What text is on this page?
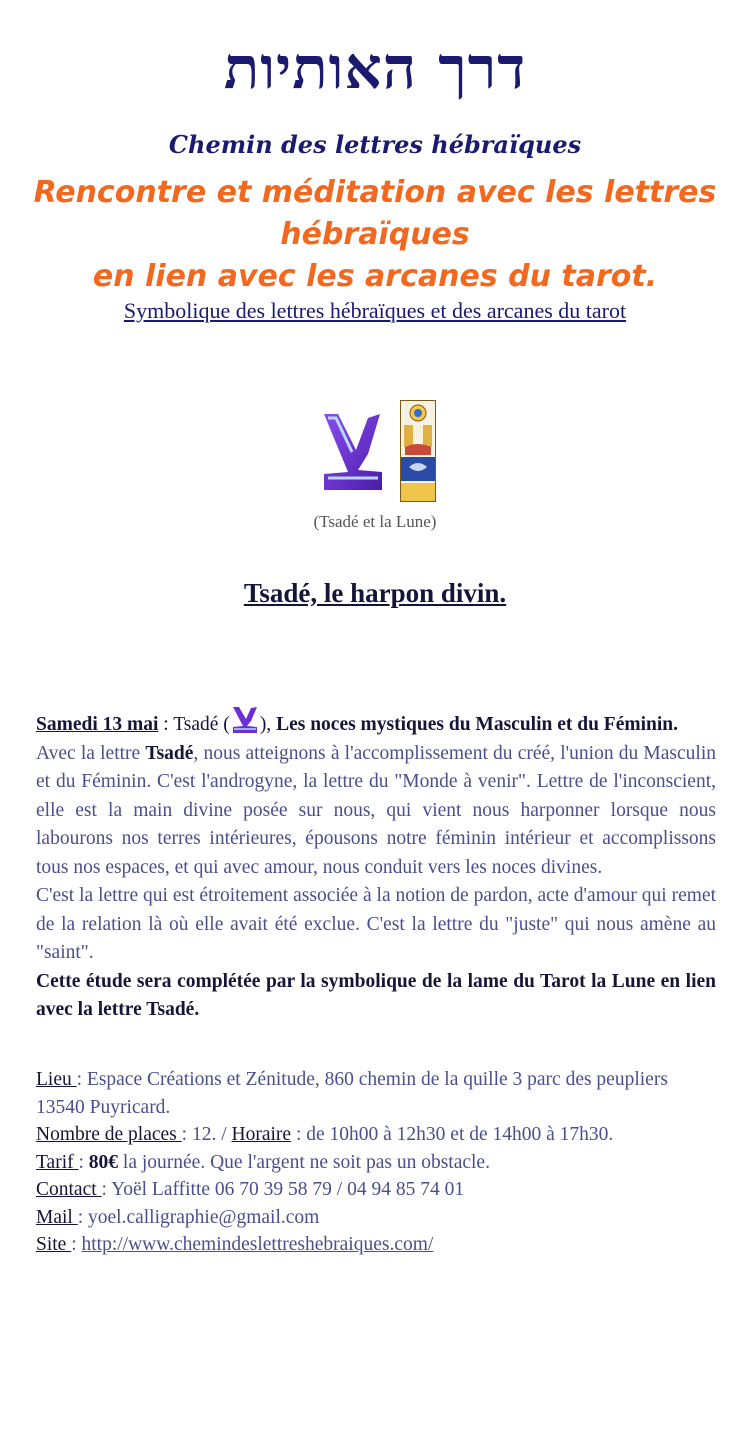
דרך האותיות
Chemin des lettres hébraïques
Rencontre et méditation avec les lettres hébraïques
en lien avec les arcanes du tarot.
Symbolique des lettres hébraïques et des arcanes du tarot
(Tsadé et la Lune)
Tsadé, le harpon divin.
Samedi 13 mai : Tsadé ( ), Les noces mystiques du Masculin et du Féminin.

Avec la lettre Tsadé, nous atteignons à l'accomplissement du créé, l'union du Masculin et du Féminin. C'est l'androgyne, la lettre du "Monde à venir". Lettre de l'inconscient, elle est la main divine posée sur nous, qui vient nous harponner lorsque nous labourons nos terres intérieures, épousons notre féminin intérieur et accomplissons tous nos espaces, et qui avec amour, nous conduit vers les noces divines.

C'est la lettre qui est étroitement associée à la notion de pardon, acte d'amour qui remet de la relation là où elle avait été exclue. C'est la lettre du "juste" qui nous amène au "saint".

Cette étude sera complétée par la symbolique de la lame du Tarot la Lune en lien avec la lettre Tsadé.

Lieu : Espace Créations et Zénitude, 860 chemin de la quille 3 parc des peupliers 13540 Puyricard.

Nombre de places : 12. / Horaire : de 10h00 à 12h30 et de 14h00 à 17h30.

Tarif : 80€ la journée. Que l'argent ne soit pas un obstacle.

Contact : Yoël Laffitte 06 70 39 58 79 / 04 94 85 74 01

Mail : yoel.calligraphie@gmail.com

Site : http://www.chemindeslettreshebraiques.com/
